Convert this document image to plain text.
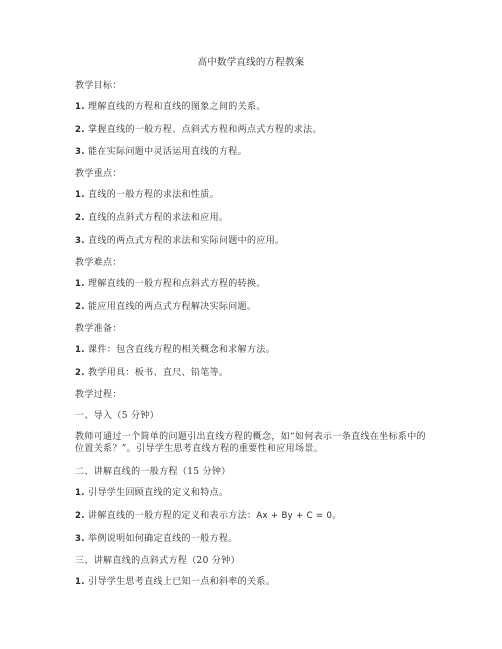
高中数学直线的方程教案
教学目标：
1. 理解直线的方程和直线的图象之间的关系。
2. 掌握直线的一般方程、点斜式方程和两点式方程的求法。
3. 能在实际问题中灵活运用直线的方程。
教学重点：
1. 直线的一般方程的求法和性质。
2. 直线的点斜式方程的求法和应用。
3. 直线的两点式方程的求法和实际问题中的应用。
教学难点：
1. 理解直线的一般方程和点斜式方程的转换。
2. 能应用直线的两点式方程解决实际问题。
教学准备：
1. 课件：包含直线方程的相关概念和求解方法。
2. 教学用具：板书、直尺、铅笔等。
教学过程：
一、导入（5 分钟）
教师可通过一个简单的问题引出直线方程的概念，如“如何表示一条直线在坐标系中的位置关系？”。引导学生思考直线方程的重要性和应用场景。
二、讲解直线的一般方程（15 分钟）
1. 引导学生回顾直线的定义和特点。
2. 讲解直线的一般方程的定义和表示方法：Ax + By + C = 0。
3. 举例说明如何确定直线的一般方程。
三、讲解直线的点斜式方程（20 分钟）
1. 引导学生思考直线上已知一点和斜率的关系。
